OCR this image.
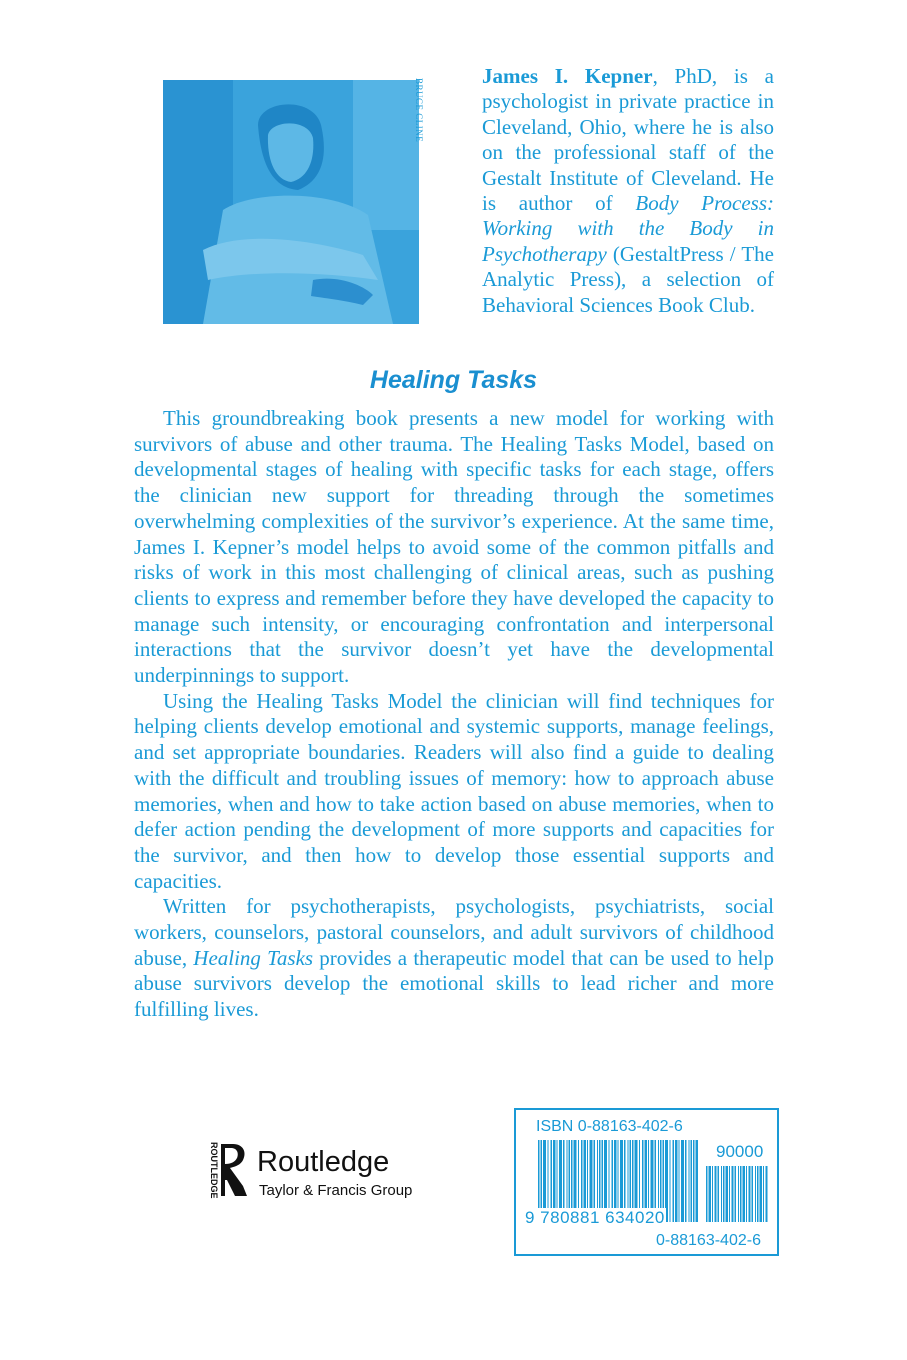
BRUCE CLINE
James I. Kepner, PhD, is a psychologist in private practice in Cleveland, Ohio, where he is also on the professional staff of the Gestalt Institute of Cleveland. He is author of Body Process: Working with the Body in Psychotherapy (GestaltPress / The Analytic Press), a selection of Behavioral Sciences Book Club.
Healing Tasks

This groundbreaking book presents a new model for working with survivors of abuse and other trauma. The Healing Tasks Model, based on developmental stages of healing with specific tasks for each stage, offers the clinician new support for threading through the sometimes overwhelming complexities of the survivor’s experience. At the same time, James I. Kepner’s model helps to avoid some of the common pitfalls and risks of work in this most challenging of clinical areas, such as pushing clients to express and remember before they have developed the capacity to manage such intensity, or encouraging confrontation and interpersonal interactions that the survivor doesn’t yet have the developmental underpinnings to support.

Using the Healing Tasks Model the clinician will find techniques for helping clients develop emotional and systemic supports, manage feelings, and set appropriate boundaries. Readers will also find a guide to dealing with the difficult and troubling issues of memory: how to approach abuse memories, when and how to take action based on abuse memories, when to defer action pending the development of more supports and capacities for the survivor, and then how to develop those essential supports and capacities.

Written for psychotherapists, psychologists, psychiatrists, social workers, counselors, pastoral counselors, and adult survivors of childhood abuse, Healing Tasks provides a therapeutic model that can be used to help abuse survivors develop the emotional skills to lead richer and more fulfilling lives.

ROUTLEDGE Routledge
Taylor & Francis Group
ISBN 0-88163-402-6
90000
9 780881 634020
0-88163-402-6
